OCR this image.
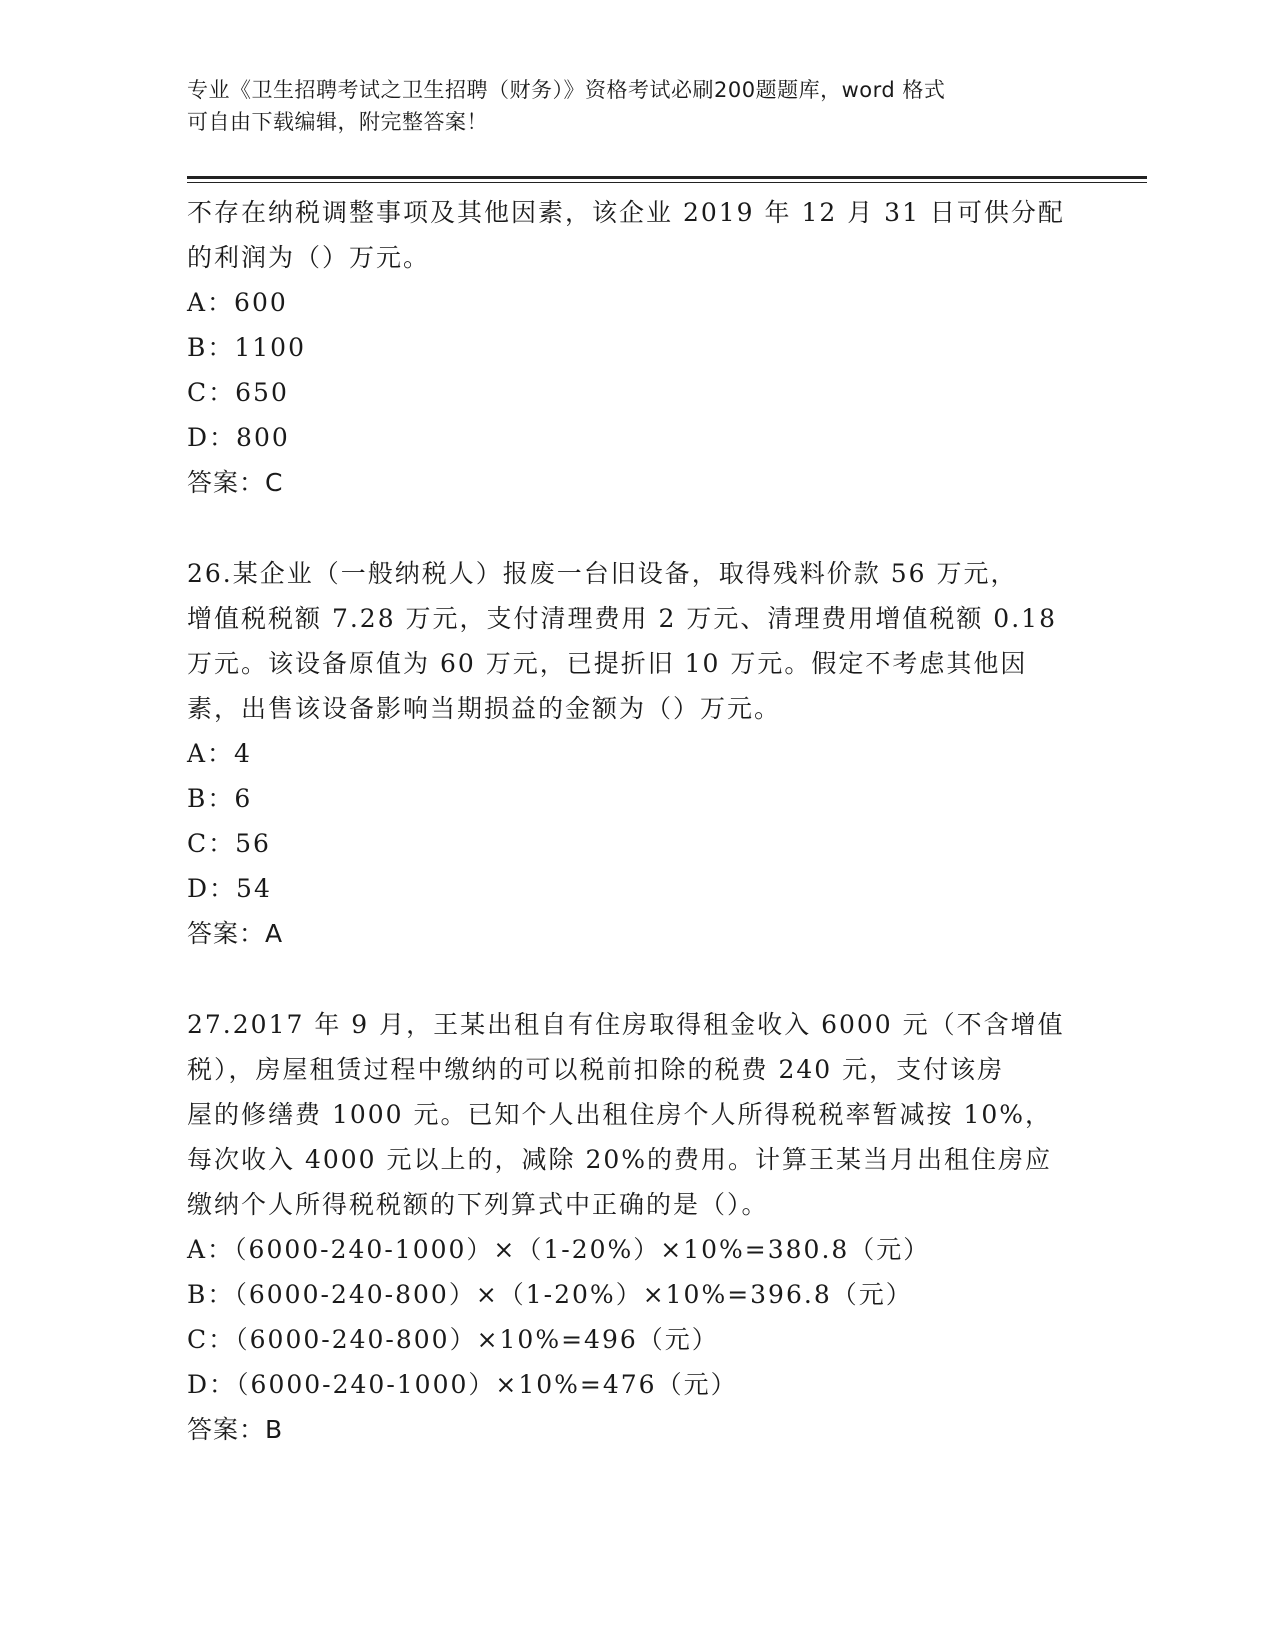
专业《卫生招聘考试之卫生招聘（财务）》资格考试必刷200题题库，word 格式
可自由下载编辑，附完整答案！
不存在纳税调整事项及其他因素，该企业 2019 年 12 月 31 日可供分配
的利润为（）万元。
A：600
B：1100
C：650
D：800
答案：C
26.某企业（一般纳税人）报废一台旧设备，取得残料价款 56 万元，
增值税税额 7.28 万元，支付清理费用 2 万元、清理费用增值税额 0.18
万元。该设备原值为 60 万元，已提折旧 10 万元。假定不考虑其他因
素，出售该设备影响当期损益的金额为（）万元。
A：4
B：6
C：56
D：54
答案：A
27.2017 年 9 月，王某出租自有住房取得租金收入 6000 元（不含增值
税），房屋租赁过程中缴纳的可以税前扣除的税费 240 元，支付该房
屋的修缮费 1000 元。已知个人出租住房个人所得税税率暂减按 10%，
每次收入 4000 元以上的，减除 20%的费用。计算王某当月出租住房应
缴纳个人所得税税额的下列算式中正确的是（）。
A：（6000-240-1000）×（1-20%）×10%=380.8（元）
B：（6000-240-800）×（1-20%）×10%=396.8（元）
C：（6000-240-800）×10%=496（元）
D：（6000-240-1000）×10%=476（元）
答案：B
